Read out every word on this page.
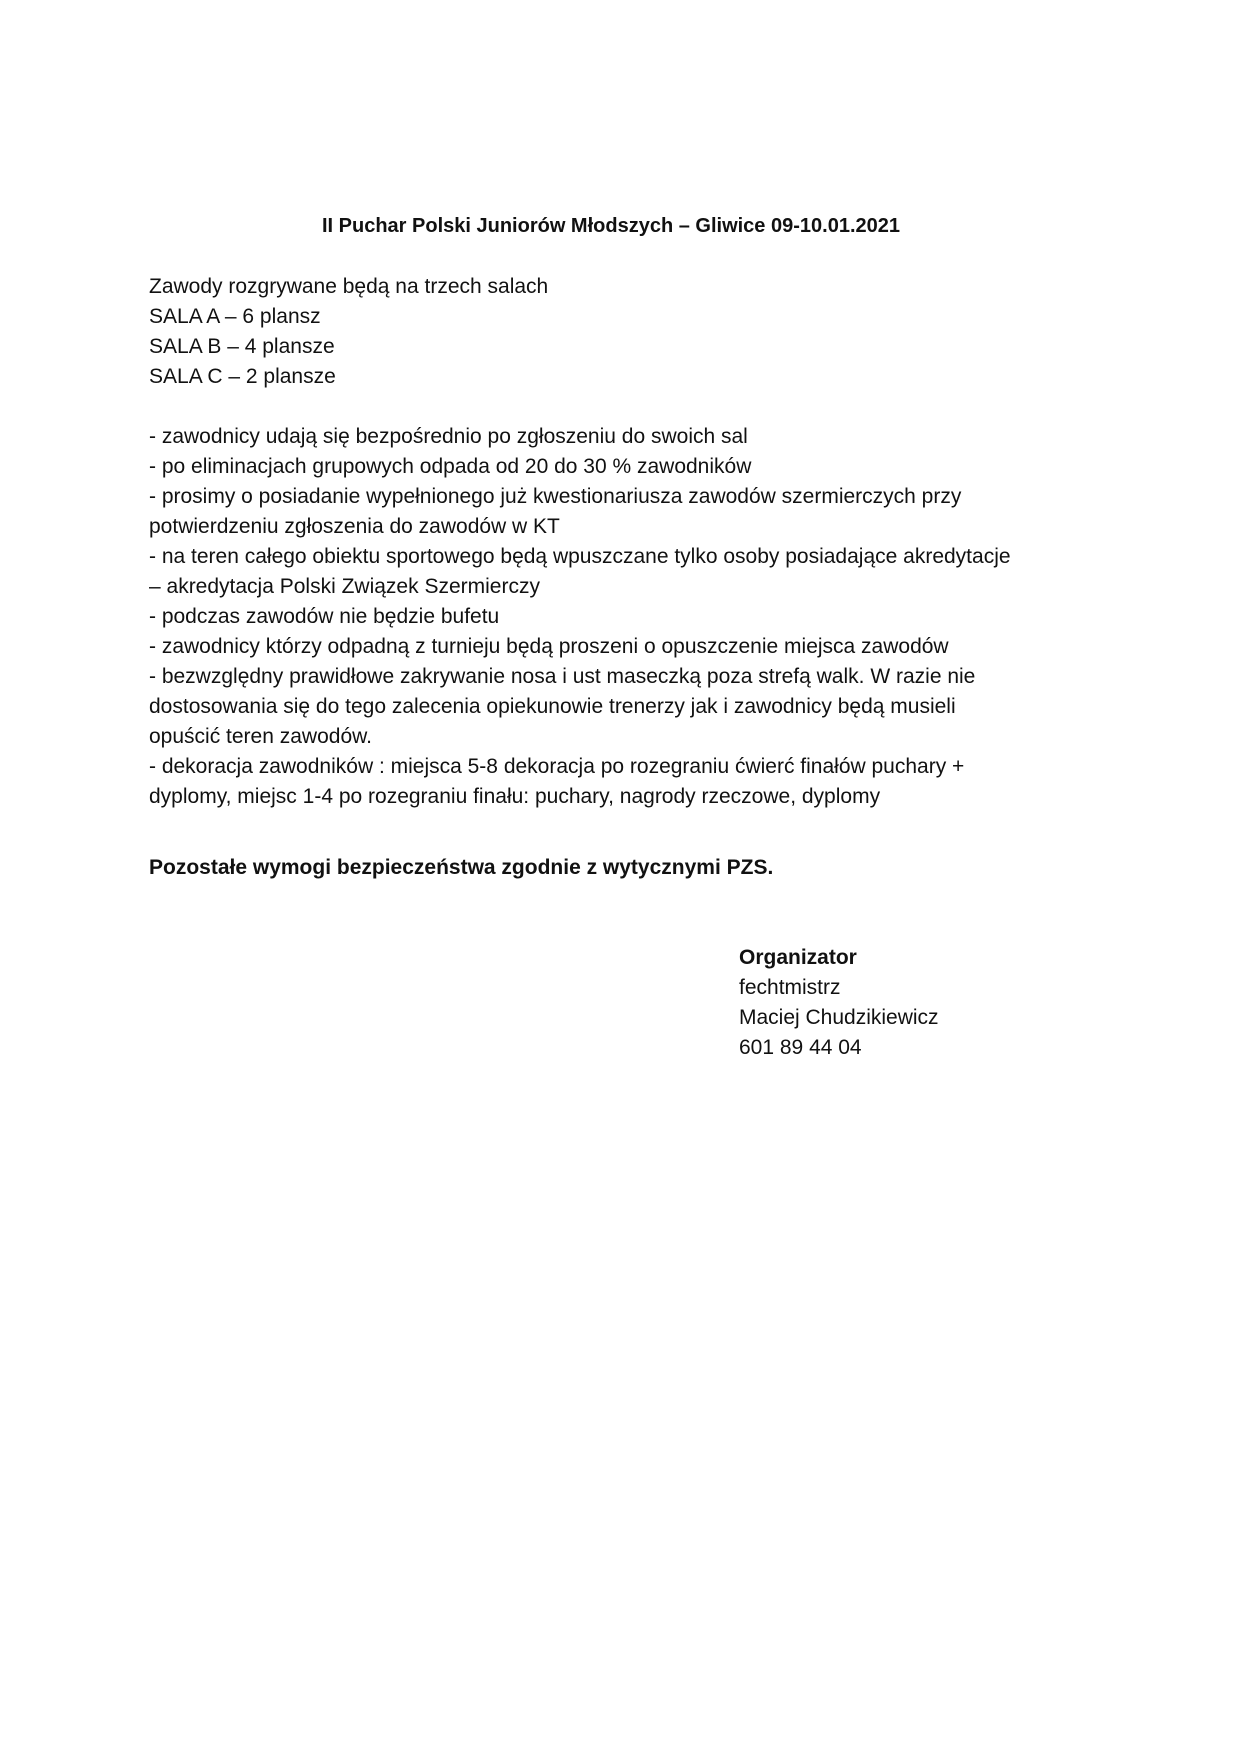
II Puchar Polski Juniorów Młodszych – Gliwice 09-10.01.2021

Zawody rozgrywane będą na trzech salach

SALA A – 6 plansz

SALA B – 4 plansze

SALA C – 2 plansze

- zawodnicy udają się bezpośrednio po zgłoszeniu do swoich sal

- po eliminacjach grupowych odpada od 20 do 30 % zawodników

- prosimy o posiadanie wypełnionego już kwestionariusza zawodów szermierczych przy

potwierdzeniu zgłoszenia do zawodów w KT

- na teren całego obiektu sportowego będą wpuszczane tylko osoby posiadające akredytacje

– akredytacja Polski Związek Szermierczy

- podczas zawodów nie będzie bufetu

- zawodnicy którzy odpadną z turnieju będą proszeni o opuszczenie miejsca zawodów

- bezwzględny prawidłowe zakrywanie nosa i ust maseczką poza strefą walk. W razie nie

dostosowania się do tego zalecenia opiekunowie trenerzy jak i zawodnicy będą musieli

opuścić teren zawodów.

- dekoracja zawodników : miejsca 5-8 dekoracja po rozegraniu ćwierć finałów puchary +

dyplomy, miejsc 1-4 po rozegraniu finału: puchary, nagrody rzeczowe, dyplomy

Pozostałe wymogi bezpieczeństwa zgodnie z wytycznymi PZS.

Organizator

fechtmistrz

Maciej Chudzikiewicz

601 89 44 04
